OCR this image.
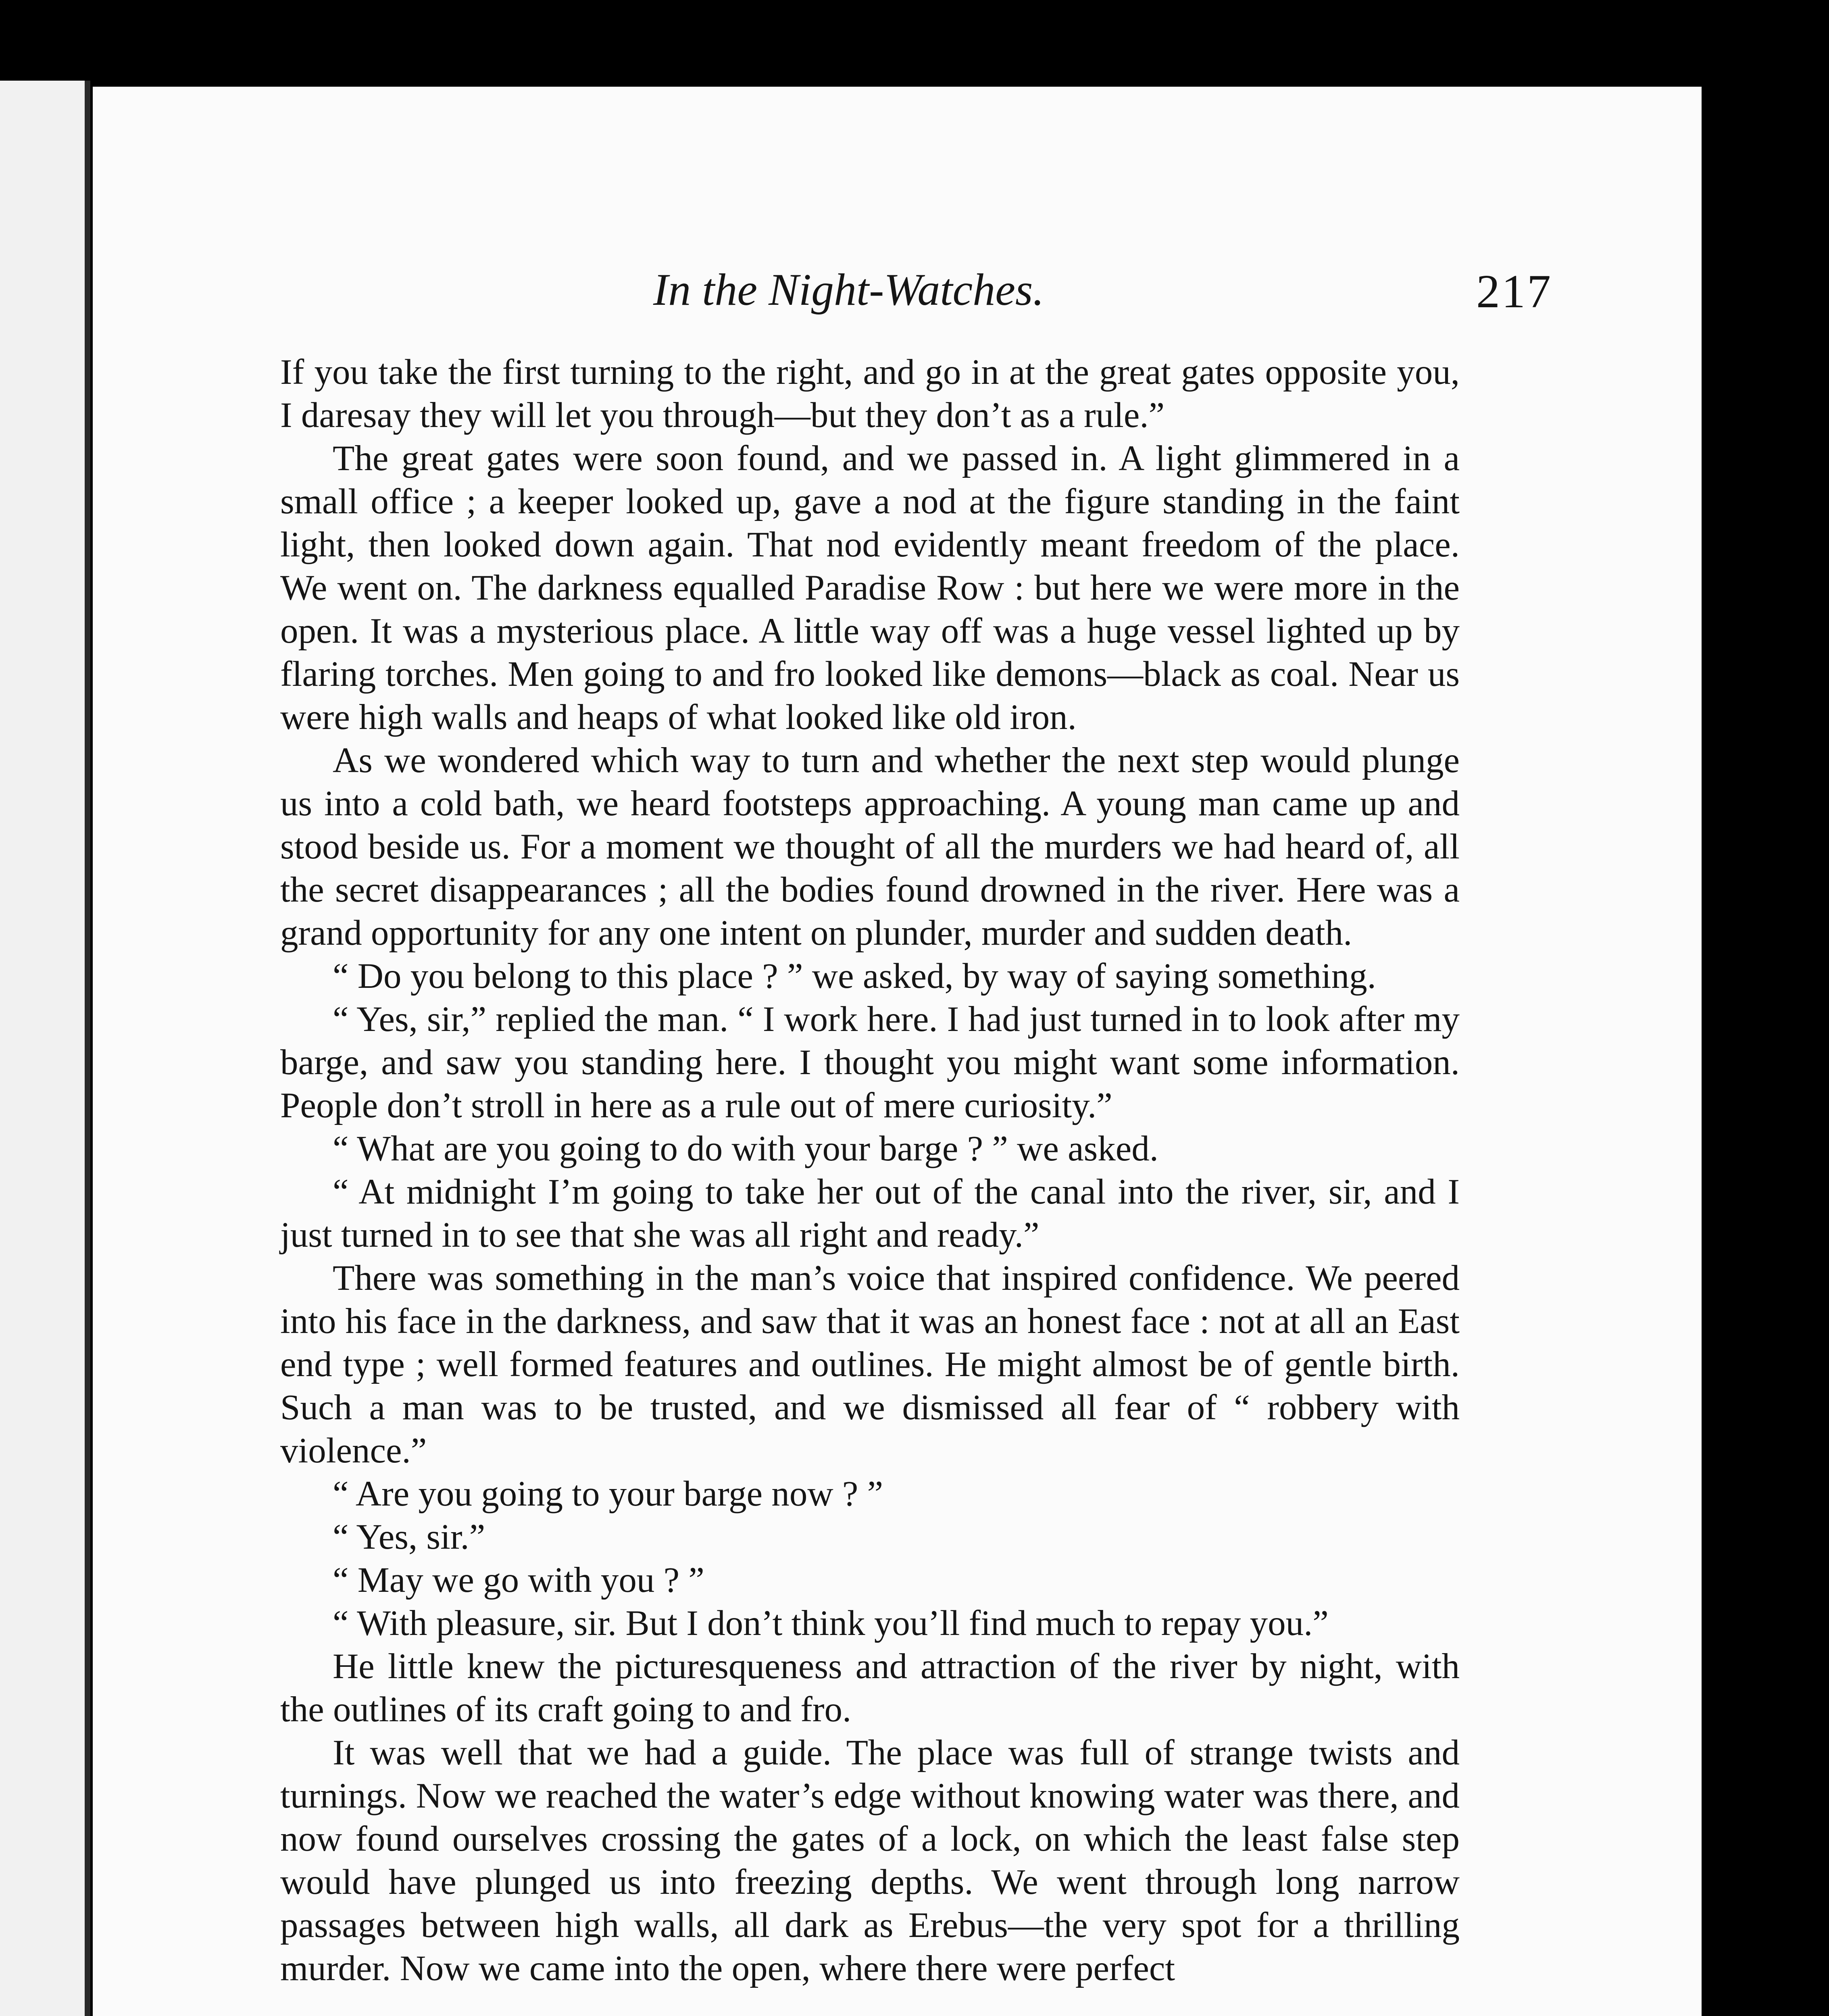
In the Night-Watches.	217

If you take the first turning to the right, and go in at the great gates opposite you, I daresay they will let you through—but they don’t as a rule.”

The great gates were soon found, and we passed in. A light glimmered in a small office ; a keeper looked up, gave a nod at the figure standing in the faint light, then looked down again. That nod evidently meant freedom of the place. We went on. The darkness equalled Paradise Row : but here we were more in the open. It was a mysterious place. A little way off was a huge vessel lighted up by flaring torches. Men going to and fro looked like demons—black as coal. Near us were high walls and heaps of what looked like old iron.

As we wondered which way to turn and whether the next step would plunge us into a cold bath, we heard footsteps approaching. A young man came up and stood beside us. For a moment we thought of all the murders we had heard of, all the secret disappearances ; all the bodies found drowned in the river. Here was a grand opportunity for any one intent on plunder, murder and sudden death.

“ Do you belong to this place ? ” we asked, by way of saying something.

“ Yes, sir,” replied the man. “ I work here. I had just turned in to look after my barge, and saw you standing here. I thought you might want some information. People don’t stroll in here as a rule out of mere curiosity.”

“ What are you going to do with your barge ? ” we asked.

“ At midnight I’m going to take her out of the canal into the river, sir, and I just turned in to see that she was all right and ready.”

There was something in the man’s voice that inspired confidence. We peered into his face in the darkness, and saw that it was an honest face : not at all an East end type ; well formed features and outlines. He might almost be of gentle birth. Such a man was to be trusted, and we dismissed all fear of “ robbery with violence.”

“ Are you going to your barge now ? ”

“ Yes, sir.”

“ May we go with you ? ”

“ With pleasure, sir. But I don’t think you’ll find much to repay you.”

He little knew the picturesqueness and attraction of the river by night, with the outlines of its craft going to and fro.

It was well that we had a guide. The place was full of strange twists and turnings. Now we reached the water’s edge without knowing water was there, and now found ourselves crossing the gates of a lock, on which the least false step would have plunged us into freezing depths. We went through long narrow passages between high walls, all dark as Erebus—the very spot for a thrilling murder. Now we came into the open, where there were perfect
